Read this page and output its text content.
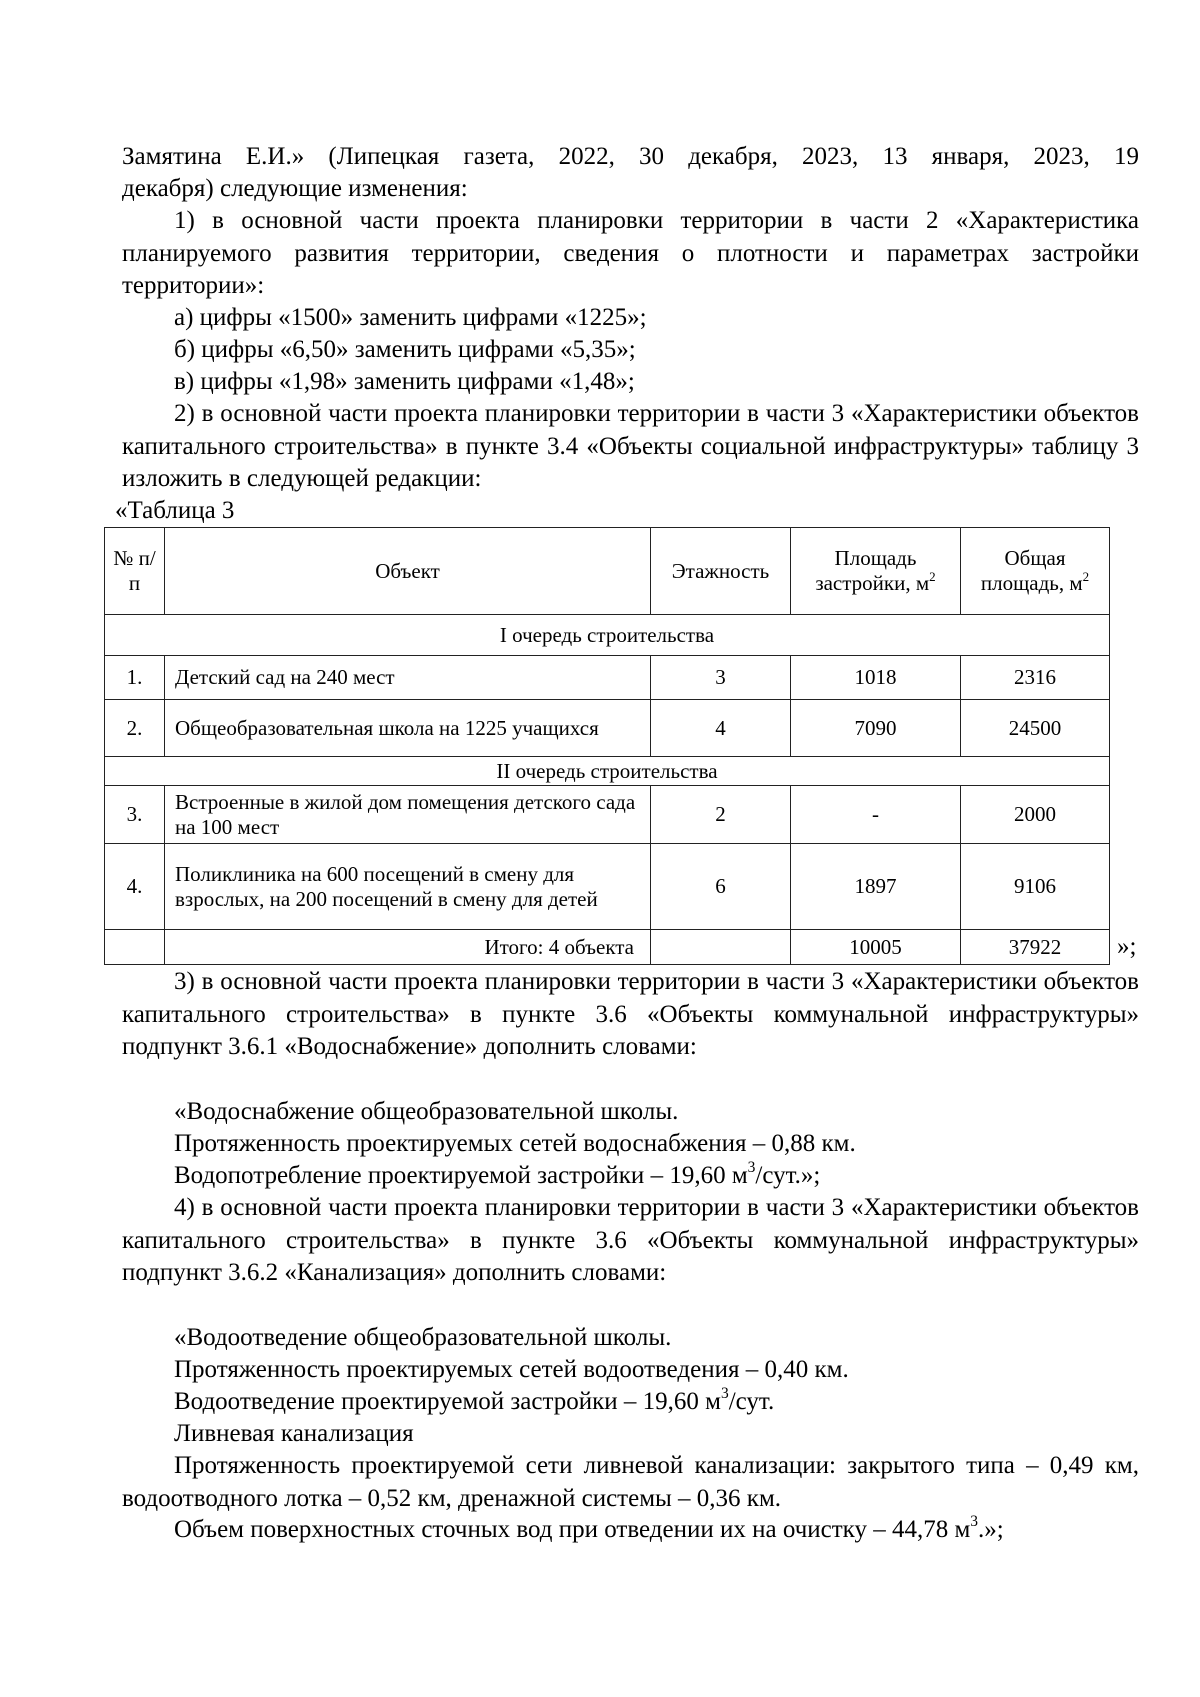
Замятина Е.И.» (Липецкая газета, 2022, 30 декабря, 2023, 13 января, 2023, 19

декабря) следующие изменения:

1) в основной части проекта планировки территории в части 2 «Характеристика планируемого развития территории, сведения о плотности и параметрах застройки территории»:

а) цифры «1500» заменить цифрами «1225»;

б) цифры «6,50» заменить цифрами «5,35»;

в) цифры «1,98» заменить цифрами «1,48»;

2) в основной части проекта планировки территории в части 3 «Характеристики объектов капитального строительства» в пункте 3.4 «Объекты социальной инфраструктуры» таблицу 3 изложить в следующей редакции:

«Таблица 3

№ п/п	Объект	Этажность	Площадь застройки, $м^2$	Общая площадь, $м^2$
I очередь строительства				
1.	Детский сад на 240 мест	3	1018	2316
2.	Общеобразовательная школа на 1225 учащихся	4	7090	24500
II очередь строительства				
3.	Встроенные в жилой дом помещения детского сада на 100 мест	2	-	2000
4.	Поликлиника на 600 посещений в смену для взрослых, на 200 посещений в смену для детей	6	1897	9106
	Итого: 4 объекта		10005	37922 »;

3) в основной части проекта планировки территории в части 3 «Характеристики объектов капитального строительства» в пункте 3.6 «Объекты коммунальной инфраструктуры» подпункт 3.6.1 «Водоснабжение» дополнить словами:

«Водоснабжение общеобразовательной школы.

Протяженность проектируемых сетей водоснабжения – 0,88 км.

Водопотребление проектируемой застройки – 19,60 $м^3$/сут.»;

4) в основной части проекта планировки территории в части 3 «Характеристики объектов капитального строительства» в пункте 3.6 «Объекты коммунальной инфраструктуры» подпункт 3.6.2 «Канализация» дополнить словами:

«Водоотведение общеобразовательной школы.

Протяженность проектируемых сетей водоотведения – 0,40 км.

Водоотведение проектируемой застройки – 19,60 $м^3$/сут.

Ливневая канализация

Протяженность проектируемой сети ливневой канализации: закрытого типа – 0,49 км, водоотводного лотка – 0,52 км, дренажной системы – 0,36 км.

Объем поверхностных сточных вод при отведении их на очистку – 44,78 $м^3$.»;
